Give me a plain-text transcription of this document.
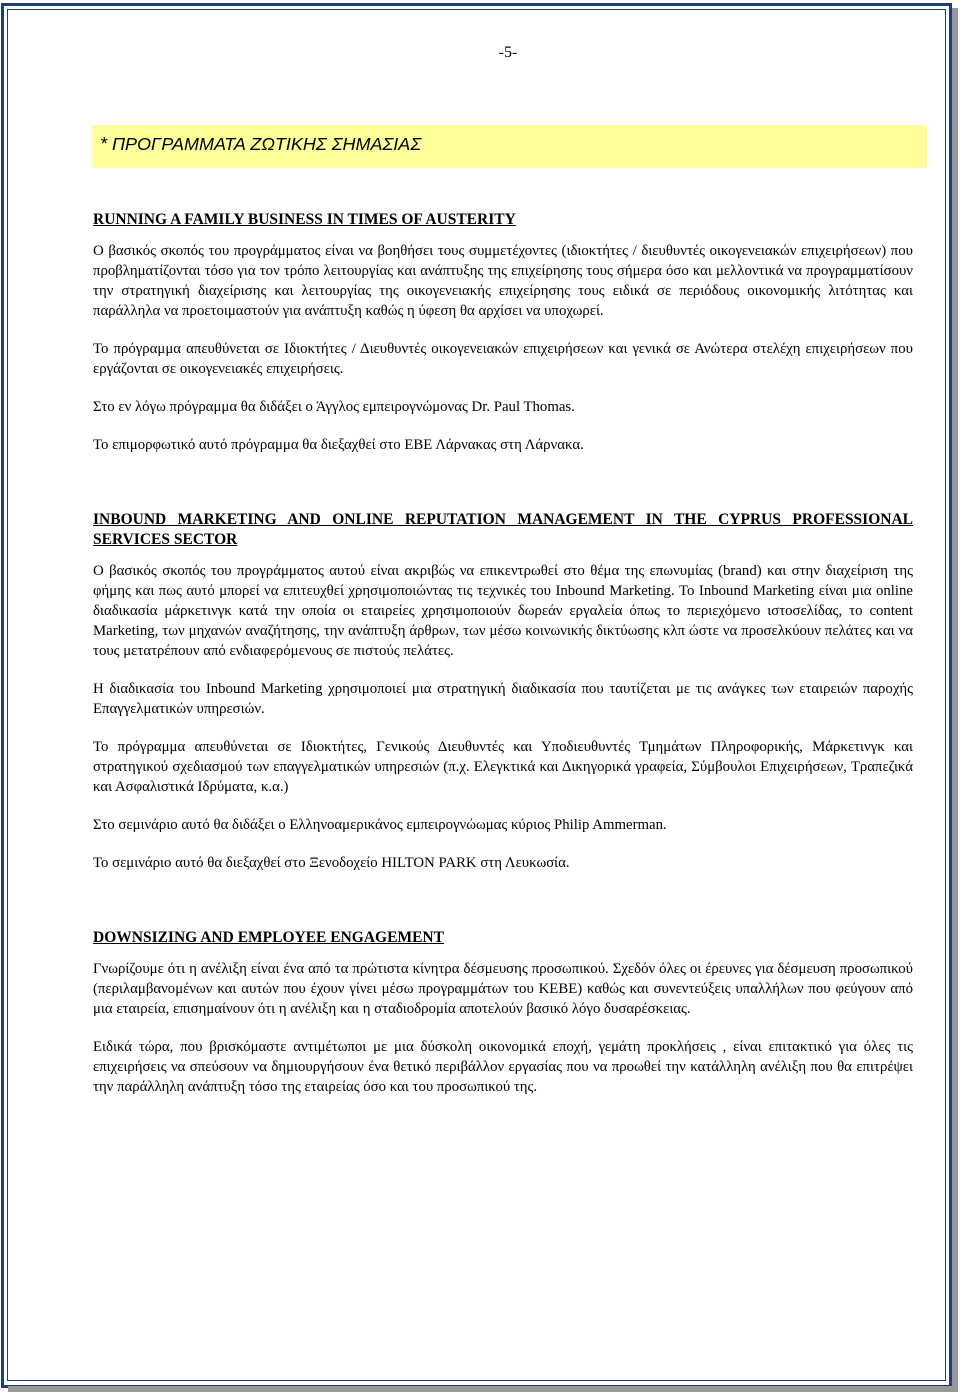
-5-
* ΠΡΟΓΡΑΜΜΑΤΑ ΖΩΤΙΚΗΣ ΣΗΜΑΣΙΑΣ

RUNNING A FAMILY BUSINESS IN TIMES OF AUSTERITY

Ο βασικός σκοπός του προγράμματος είναι να βοηθήσει τους συμμετέχοντες (ιδιοκτήτες / διευθυντές οικογενειακών επιχειρήσεων) που προβληματίζονται τόσο για τον τρόπο λειτουργίας και ανάπτυξης της επιχείρησης τους σήμερα όσο και μελλοντικά να προγραμματίσουν την στρατηγική διαχείρισης και λειτουργίας της οικογενειακής επιχείρησης τους ειδικά σε περιόδους οικονομικής λιτότητας και παράλληλα να προετοιμαστούν για ανάπτυξη καθώς η ύφεση θα αρχίσει να υποχωρεί.

Το πρόγραμμα απευθύνεται σε Ιδιοκτήτες / Διευθυντές οικογενειακών επιχειρήσεων και γενικά σε Ανώτερα στελέχη επιχειρήσεων που εργάζονται σε οικογενειακές επιχειρήσεις.

Στο εν λόγω πρόγραμμα θα διδάξει ο Άγγλος εμπειρογνώμονας Dr. Paul Thomas.

Το επιμορφωτικό αυτό πρόγραμμα θα διεξαχθεί στο ΕΒΕ Λάρνακας στη Λάρνακα.

INBOUND MARKETING AND ONLINE REPUTATION MANAGEMENT IN THE CYPRUS PROFESSIONAL SERVICES SECTOR

Ο βασικός σκοπός του προγράμματος αυτού είναι ακριβώς να επικεντρωθεί στο θέμα της επωνυμίας (brand) και στην διαχείριση της φήμης και πως αυτό μπορεί να επιτευχθεί χρησιμοποιώντας τις τεχνικές του Inbound Marketing. Το Inbound Marketing είναι μια online διαδικασία μάρκετινγκ κατά την οποία οι εταιρείες χρησιμοποιούν δωρεάν εργαλεία όπως το περιεχόμενο ιστοσελίδας, το content Marketing, των μηχανών αναζήτησης, την ανάπτυξη άρθρων, των μέσω κοινωνικής δικτύωσης κλπ ώστε να προσελκύουν πελάτες και να τους μετατρέπουν από ενδιαφερόμενους σε πιστούς πελάτες.

Η διαδικασία του Inbound Marketing χρησιμοποιεί μια στρατηγική διαδικασία που ταυτίζεται με τις ανάγκες των εταιρειών παροχής Επαγγελματικών υπηρεσιών.

Το πρόγραμμα απευθύνεται σε Ιδιοκτήτες, Γενικούς Διευθυντές και Υποδιευθυντές Τμημάτων Πληροφορικής, Μάρκετινγκ και στρατηγικού σχεδιασμού των επαγγελματικών υπηρεσιών (π.χ. Ελεγκτικά και Δικηγορικά γραφεία, Σύμβουλοι Επιχειρήσεων, Τραπεζικά και Ασφαλιστικά Ιδρύματα, κ.α.)

Στο σεμινάριο αυτό θα διδάξει ο Ελληνοαμερικάνος εμπειρογνώωμας κύριος Philip Ammerman.

Το σεμινάριο αυτό θα διεξαχθεί στο Ξενοδοχείο HILTON PARK στη Λευκωσία.

DOWNSIZING AND EMPLOYEE ENGAGEMENT

Γνωρίζουμε ότι η ανέλιξη είναι ένα από τα πρώτιστα κίνητρα δέσμευσης προσωπικού. Σχεδόν όλες οι έρευνες για δέσμευση προσωπικού (περιλαμβανομένων και αυτών που έχουν γίνει μέσω προγραμμάτων του ΚΕΒΕ) καθώς και συνεντεύξεις υπαλλήλων που φεύγουν από μια εταιρεία, επισημαίνουν ότι η ανέλιξη και η σταδιοδρομία αποτελούν βασικό λόγο δυσαρέσκειας.

Ειδικά τώρα, που βρισκόμαστε αντιμέτωποι με μια δύσκολη οικονομικά εποχή, γεμάτη προκλήσεις , είναι επιτακτικό για όλες τις επιχειρήσεις να σπεύσουν να δημιουργήσουν ένα θετικό περιβάλλον εργασίας που να προωθεί την κατάλληλη ανέλιξη που θα επιτρέψει την παράλληλη ανάπτυξη τόσο της εταιρείας όσο και του προσωπικού της.
